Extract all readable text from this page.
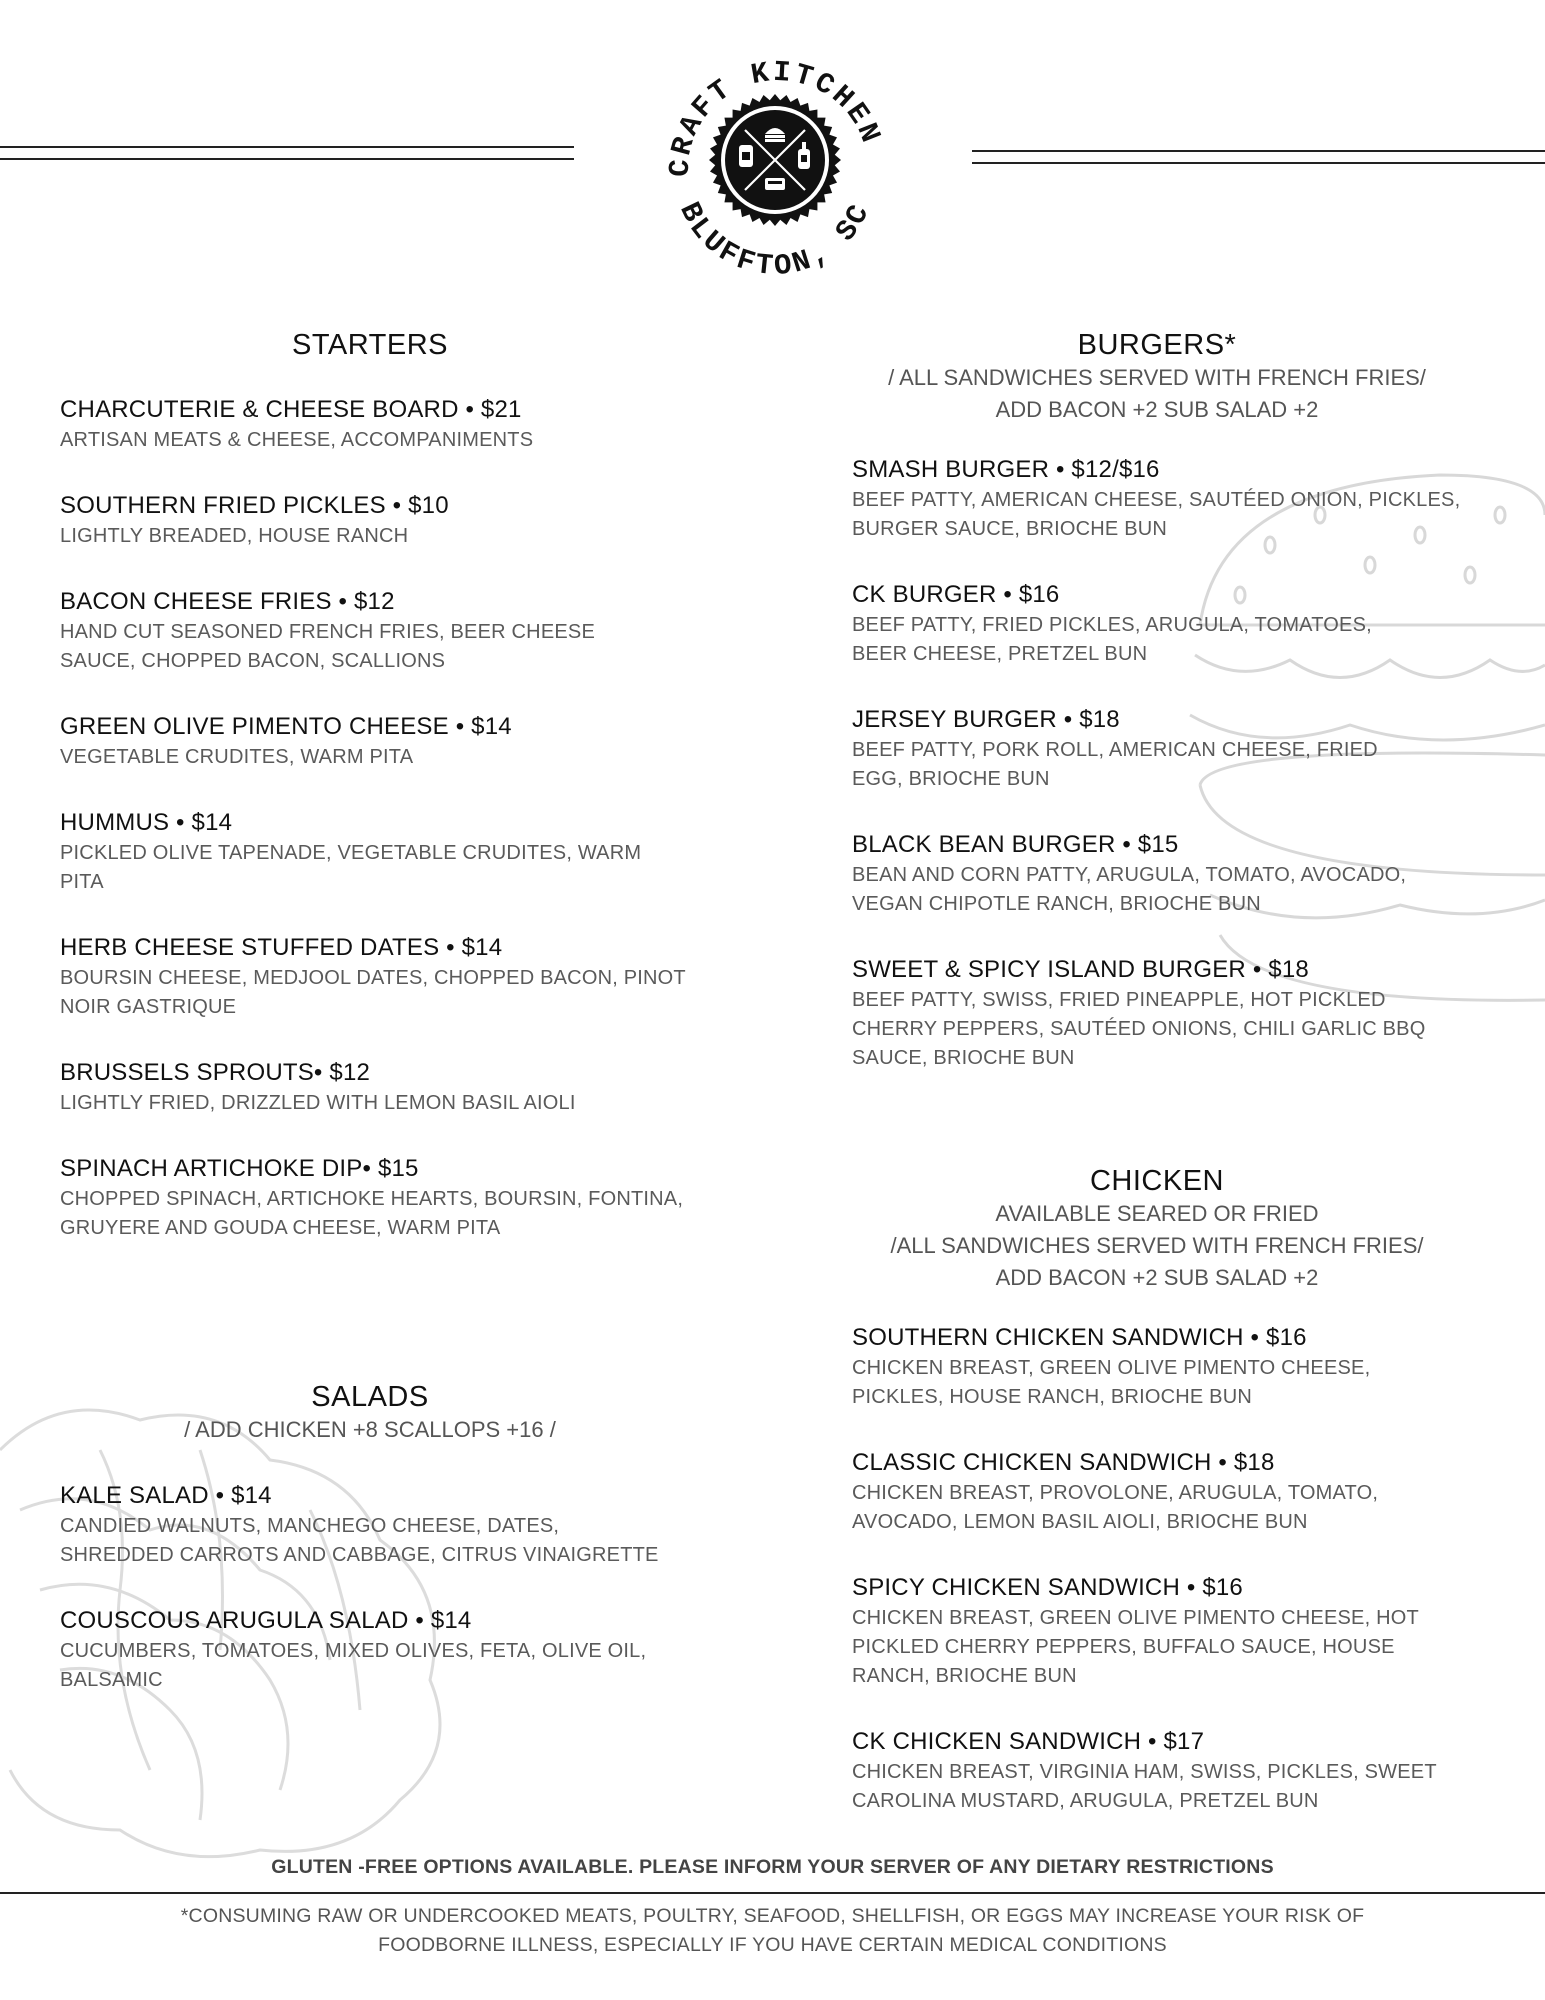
CRAFT KITCHEN
BLUFFTON, SC
STARTERS
CHARCUTERIE & CHEESE BOARD • $21
ARTISAN MEATS & CHEESE, ACCOMPANIMENTS
SOUTHERN FRIED PICKLES • $10
LIGHTLY BREADED, HOUSE RANCH
BACON CHEESE FRIES • $12
HAND CUT SEASONED FRENCH FRIES, BEER CHEESE SAUCE, CHOPPED BACON, SCALLIONS
GREEN OLIVE PIMENTO CHEESE • $14
VEGETABLE CRUDITES, WARM PITA
HUMMUS • $14
PICKLED OLIVE TAPENADE, VEGETABLE CRUDITES, WARM PITA
HERB CHEESE STUFFED DATES • $14
BOURSIN CHEESE, MEDJOOL DATES, CHOPPED BACON, PINOT NOIR GASTRIQUE
BRUSSELS SPROUTS• $12
LIGHTLY FRIED, DRIZZLED WITH LEMON BASIL AIOLI
SPINACH ARTICHOKE DIP• $15
CHOPPED SPINACH, ARTICHOKE HEARTS, BOURSIN, FONTINA, GRUYERE AND GOUDA CHEESE, WARM PITA
SALADS
/ ADD CHICKEN +8 SCALLOPS +16 /
KALE SALAD • $14
CANDIED WALNUTS, MANCHEGO CHEESE, DATES, SHREDDED CARROTS AND CABBAGE, CITRUS VINAIGRETTE
COUSCOUS ARUGULA SALAD • $14
CUCUMBERS, TOMATOES, MIXED OLIVES, FETA, OLIVE OIL, BALSAMIC
BURGERS*
/ ALL SANDWICHES SERVED WITH FRENCH FRIES/
ADD BACON +2 SUB SALAD +2
SMASH BURGER • $12/$16
BEEF PATTY, AMERICAN CHEESE, SAUTÉED ONION, PICKLES, BURGER SAUCE, BRIOCHE BUN
CK BURGER • $16
BEEF PATTY, FRIED PICKLES, ARUGULA, TOMATOES, BEER CHEESE, PRETZEL BUN
JERSEY BURGER • $18
BEEF PATTY, PORK ROLL, AMERICAN CHEESE, FRIED EGG, BRIOCHE BUN
BLACK BEAN BURGER • $15
BEAN AND CORN PATTY, ARUGULA, TOMATO, AVOCADO, VEGAN CHIPOTLE RANCH, BRIOCHE BUN
SWEET & SPICY ISLAND BURGER • $18
BEEF PATTY, SWISS, FRIED PINEAPPLE, HOT PICKLED CHERRY PEPPERS, SAUTÉED ONIONS, CHILI GARLIC BBQ SAUCE, BRIOCHE BUN
CHICKEN
AVAILABLE SEARED OR FRIED
/ALL SANDWICHES SERVED WITH FRENCH FRIES/
ADD BACON +2 SUB SALAD +2
SOUTHERN CHICKEN SANDWICH • $16
CHICKEN BREAST, GREEN OLIVE PIMENTO CHEESE, PICKLES, HOUSE RANCH, BRIOCHE BUN
CLASSIC CHICKEN SANDWICH • $18
CHICKEN BREAST, PROVOLONE, ARUGULA, TOMATO, AVOCADO, LEMON BASIL AIOLI, BRIOCHE BUN
SPICY CHICKEN SANDWICH • $16
CHICKEN BREAST, GREEN OLIVE PIMENTO CHEESE, HOT PICKLED CHERRY PEPPERS, BUFFALO SAUCE, HOUSE RANCH, BRIOCHE BUN
CK CHICKEN SANDWICH • $17
CHICKEN BREAST, VIRGINIA HAM, SWISS, PICKLES, SWEET CAROLINA MUSTARD, ARUGULA, PRETZEL BUN
GLUTEN -FREE OPTIONS AVAILABLE. PLEASE INFORM YOUR SERVER OF ANY DIETARY RESTRICTIONS
*CONSUMING RAW OR UNDERCOOKED MEATS, POULTRY, SEAFOOD, SHELLFISH, OR EGGS MAY INCREASE YOUR RISK OF FOODBORNE ILLNESS, ESPECIALLY IF YOU HAVE CERTAIN MEDICAL CONDITIONS
